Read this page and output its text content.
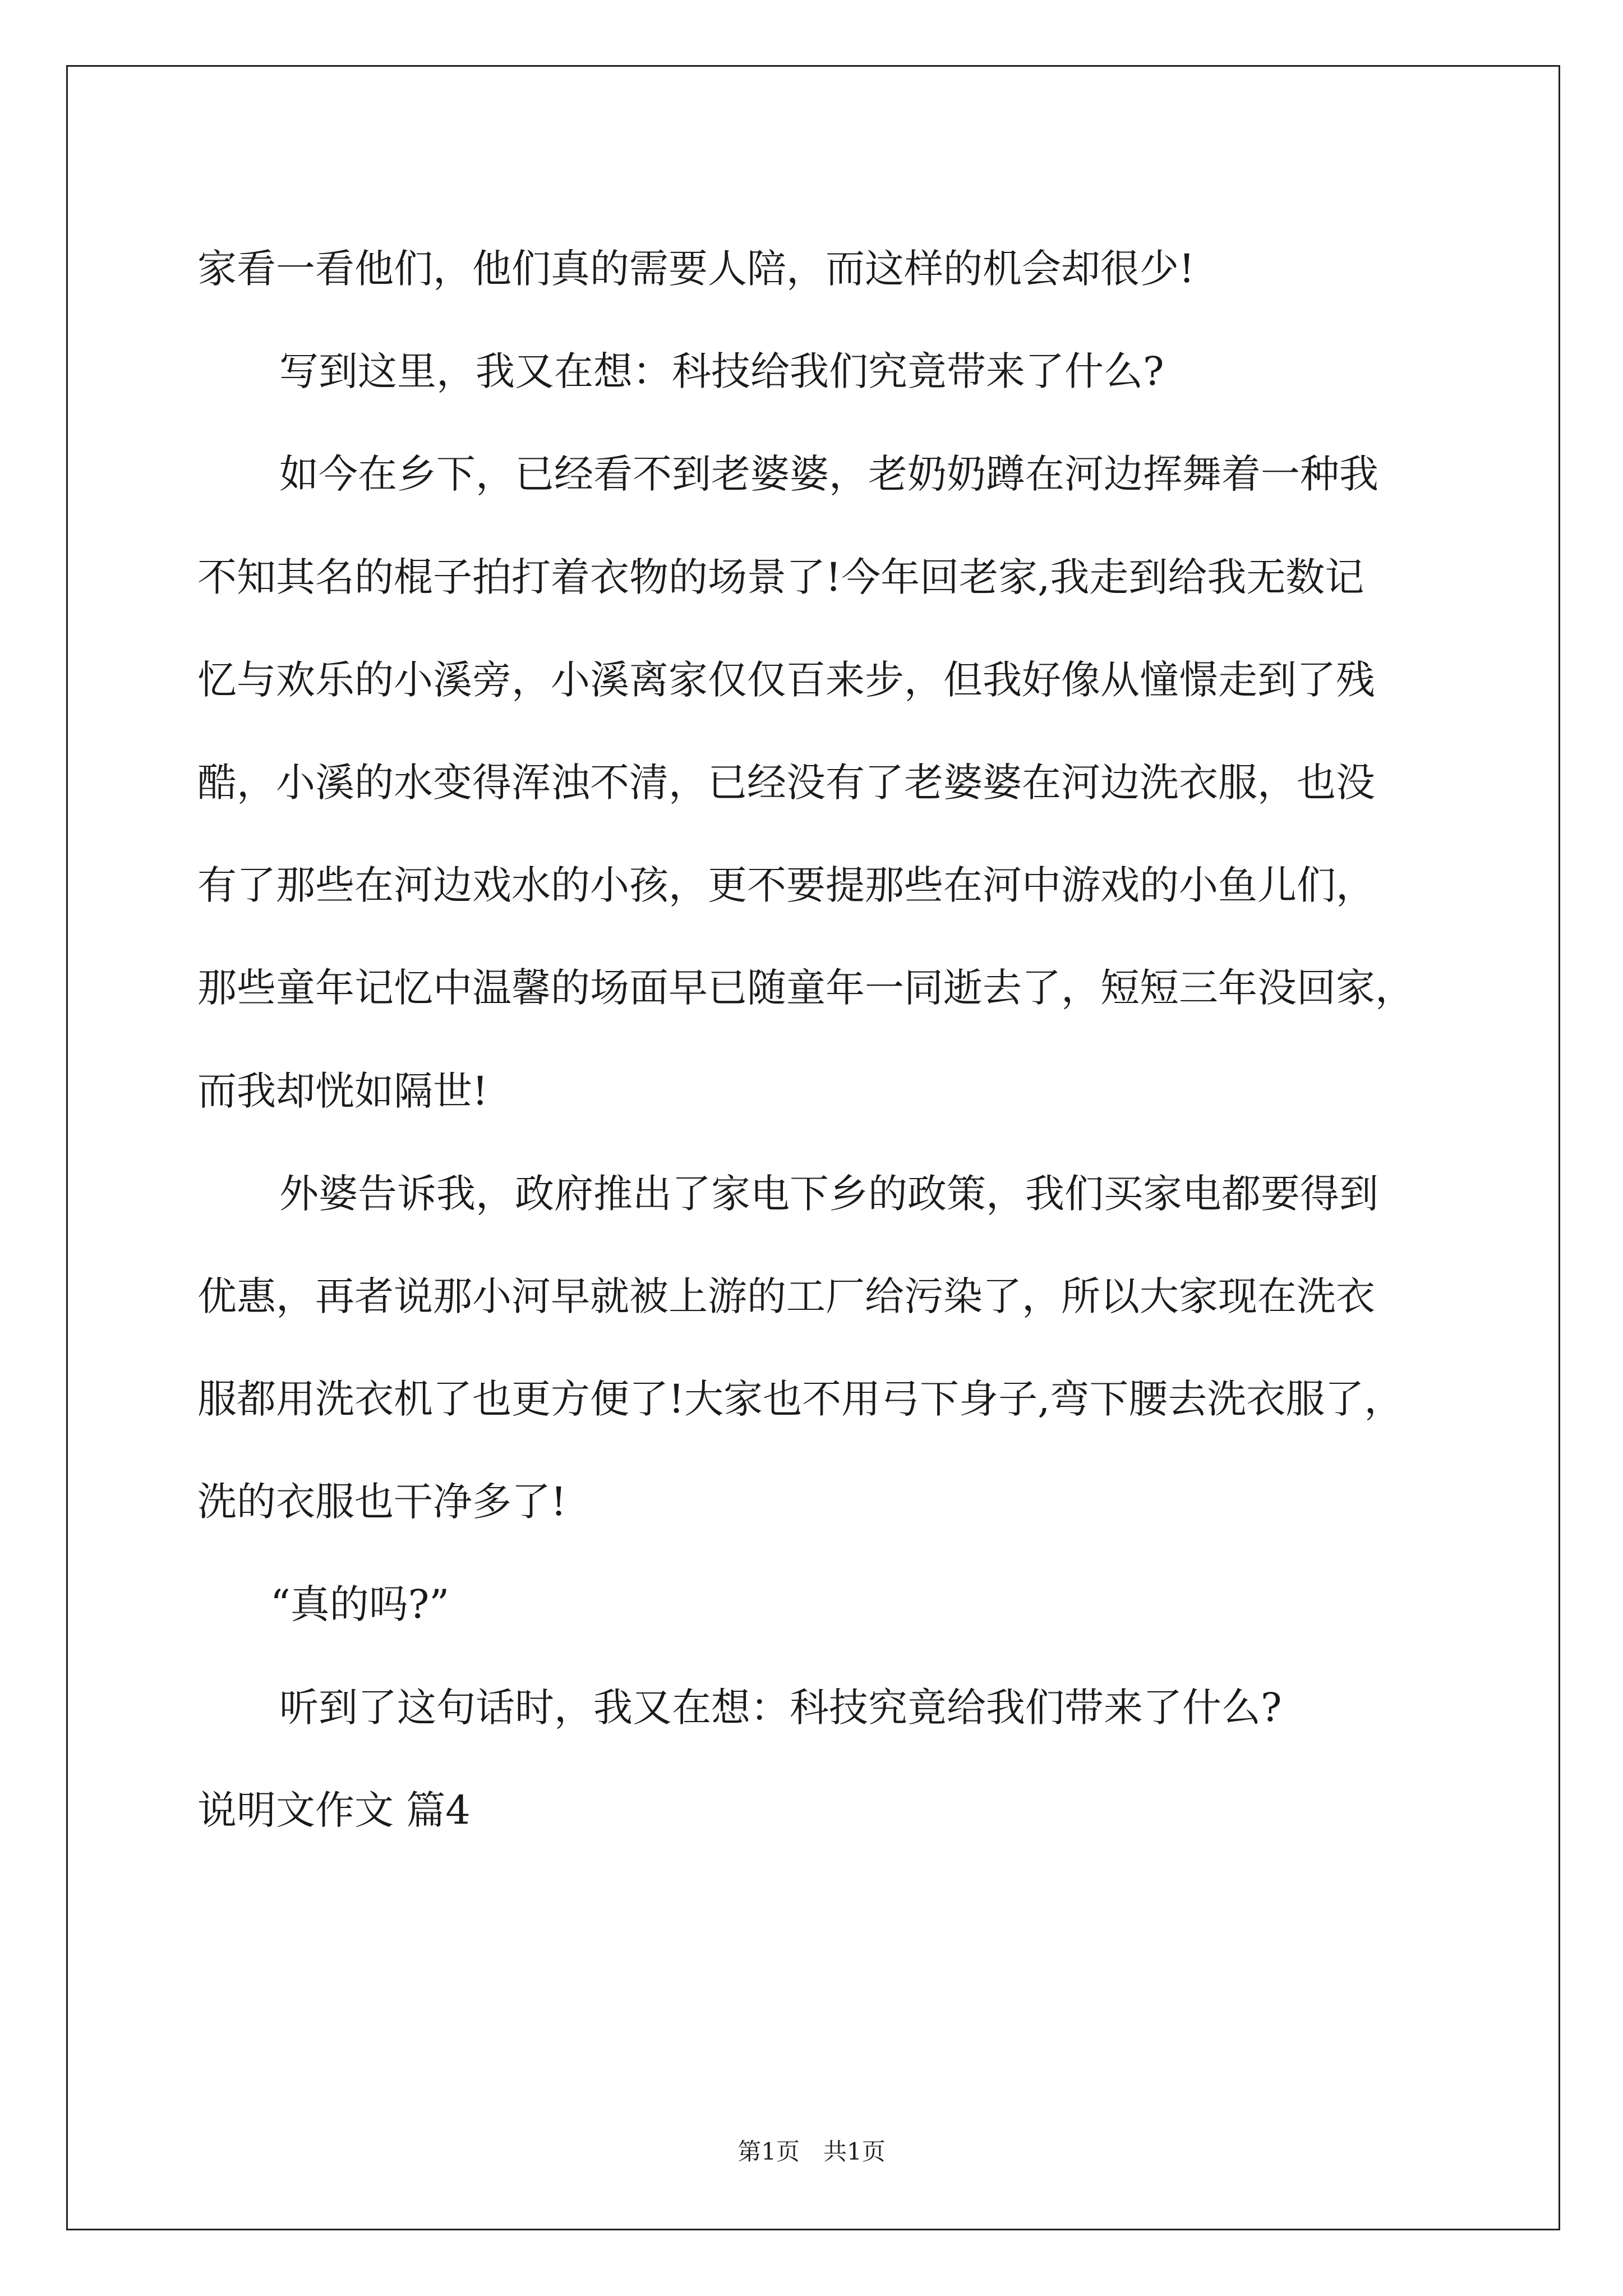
家看一看他们，他们真的需要人陪，而这样的机会却很少!
写到这里，我又在想：科技给我们究竟带来了什么?
如今在乡下，已经看不到老婆婆，老奶奶蹲在河边挥舞着一种我
不知其名的棍子拍打着衣物的场景了!今年回老家,我走到给我无数记
忆与欢乐的小溪旁，小溪离家仅仅百来步，但我好像从憧憬走到了残
酷，小溪的水变得浑浊不清，已经没有了老婆婆在河边洗衣服，也没
有了那些在河边戏水的小孩，更不要提那些在河中游戏的小鱼儿们，
那些童年记忆中温馨的场面早已随童年一同逝去了，短短三年没回家，
而我却恍如隔世!
外婆告诉我，政府推出了家电下乡的政策，我们买家电都要得到
优惠，再者说那小河早就被上游的工厂给污染了，所以大家现在洗衣
服都用洗衣机了也更方便了!大家也不用弓下身子,弯下腰去洗衣服了，
洗的衣服也干净多了!
“真的吗?”
听到了这句话时，我又在想：科技究竟给我们带来了什么?
说明文作文 篇4
第1页 共1页
